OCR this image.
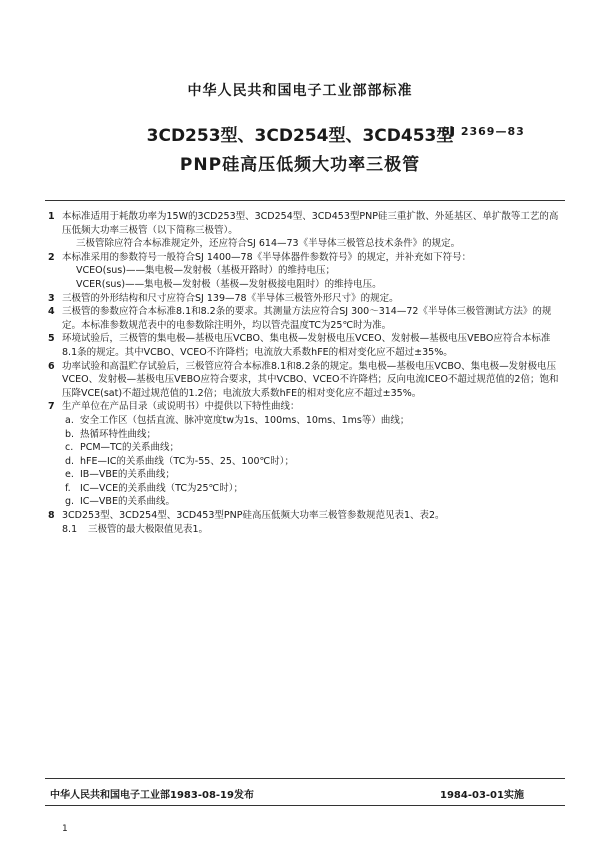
中华人民共和国电子工业部部标准
3CD253型、3CD254型、3CD453型
SJ 2369—83
PNP硅高压低频大功率三极管
1 本标准适用于耗散功率为15W的3CD253型、3CD254型、3CD453型PNP硅三重扩散、外延基区、单扩散等工艺的高压低频大功率三极管（以下简称三极管）。
三极管除应符合本标准规定外，还应符合SJ 614—73《半导体三极管总技术条件》的规定。
2 本标准采用的参数符号一般符合SJ 1400—78《半导体器件参数符号》的规定，并补充如下符号：
VCEO(sus)——集电极—发射极（基极开路时）的维持电压；
VCER(sus)——集电极—发射极（基极—发射极接电阻时）的维持电压。
3 三极管的外形结构和尺寸应符合SJ 139—78《半导体三极管外形尺寸》的规定。
4 三极管的参数应符合本标准8.1和8.2条的要求。其测量方法应符合SJ 300～314—72《半导体三极管测试方法》的规定。本标准参数规范表中的电参数除注明外，均以管壳温度TC为25℃时为准。
5 环境试验后，三极管的集电极—基极电压VCBO、集电极—发射极电压VCEO、发射极—基极电压VEBO应符合本标准8.1条的规定。其中VCBO、VCEO不许降档；电流放大系数hFE的相对变化应不超过±35%。
6 功率试验和高温贮存试验后，三极管应符合本标准8.1和8.2条的规定。集电极—基极电压VCBO、集电极—发射极电压VCEO、发射极—基极电压VEBO应符合要求，其中VCBO、VCEO不许降档；反向电流ICEO不超过规范值的2倍；饱和压降VCE(sat)不超过规范值的1.2倍；电流放大系数hFE的相对变化应不超过±35%。
7 生产单位在产品目录（或说明书）中提供以下特性曲线：
a. 安全工作区（包括直流、脉冲宽度tw为1s、100ms、10ms、1ms等）曲线；
b. 热循环特性曲线；
c. PCM—TC的关系曲线；
d. hFE—IC的关系曲线（TC为-55、25、100℃时）；
e. IB—VBE的关系曲线；
f. IC—VCE的关系曲线（TC为25℃时）；
g. IC—VBE的关系曲线。
8 3CD253型、3CD254型、3CD453型PNP硅高压低频大功率三极管参数规范见表1、表2。
8.1 三极管的最大极限值见表1。
中华人民共和国电子工业部1983-08-19发布	1984-03-01实施
1
